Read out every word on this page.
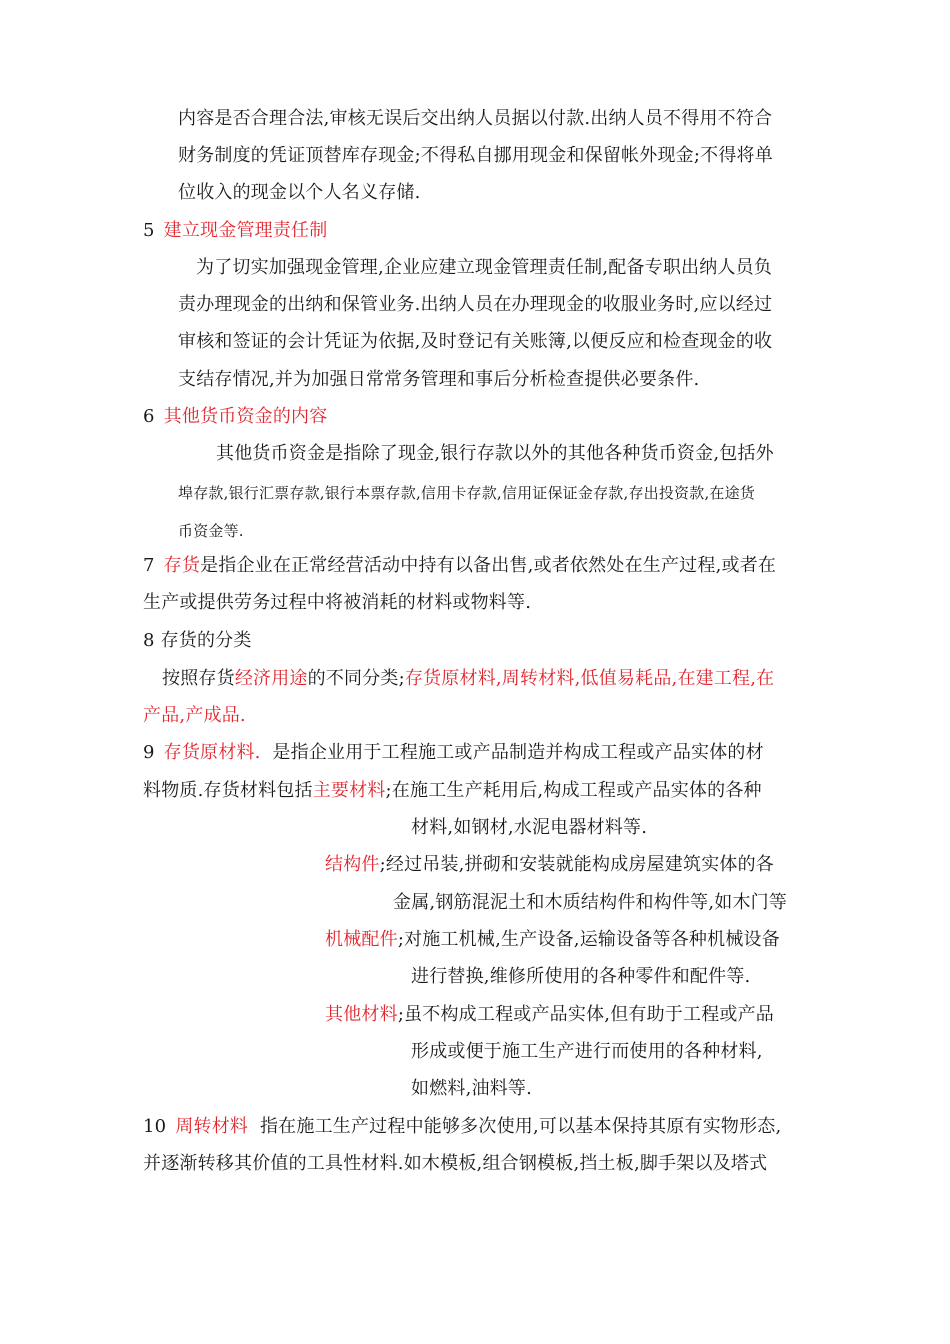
内容是否合理合法,审核无误后交出纳人员据以付款.出纳人员不得用不符合
财务制度的凭证顶替库存现金;不得私自挪用现金和保留帐外现金;不得将单
位收入的现金以个人名义存储.
5 建立现金管理责任制
为了切实加强现金管理,企业应建立现金管理责任制,配备专职出纳人员负
责办理现金的出纳和保管业务.出纳人员在办理现金的收服业务时,应以经过
审核和签证的会计凭证为依据,及时登记有关账簿,以便反应和检查现金的收
支结存情况,并为加强日常常务管理和事后分析检查提供必要条件.
6 其他货币资金的内容
其他货币资金是指除了现金,银行存款以外的其他各种货币资金,包括外
埠存款,银行汇票存款,银行本票存款,信用卡存款,信用证保证金存款,存出投资款,在途货
币资金等.
7 存货是指企业在正常经营活动中持有以备出售,或者依然处在生产过程,或者在
生产或提供劳务过程中将被消耗的材料或物料等.
8 存货的分类
按照存货经济用途的不同分类;存货原材料,周转材料,低值易耗品,在建工程,在
产品,产成品.
9 存货原材料. 是指企业用于工程施工或产品制造并构成工程或产品实体的材
料物质.存货材料包括主要材料;在施工生产耗用后,构成工程或产品实体的各种
材料,如钢材,水泥电器材料等.
结构件;经过吊装,拼砌和安装就能构成房屋建筑实体的各
金属,钢筋混泥土和木质结构件和构件等,如木门等
机械配件;对施工机械,生产设备,运输设备等各种机械设备
进行替换,维修所使用的各种零件和配件等.
其他材料;虽不构成工程或产品实体,但有助于工程或产品
形成或便于施工生产进行而使用的各种材料,
如燃料,油料等.
10 周转材料 指在施工生产过程中能够多次使用,可以基本保持其原有实物形态,
并逐渐转移其价值的工具性材料.如木模板,组合钢模板,挡土板,脚手架以及塔式
